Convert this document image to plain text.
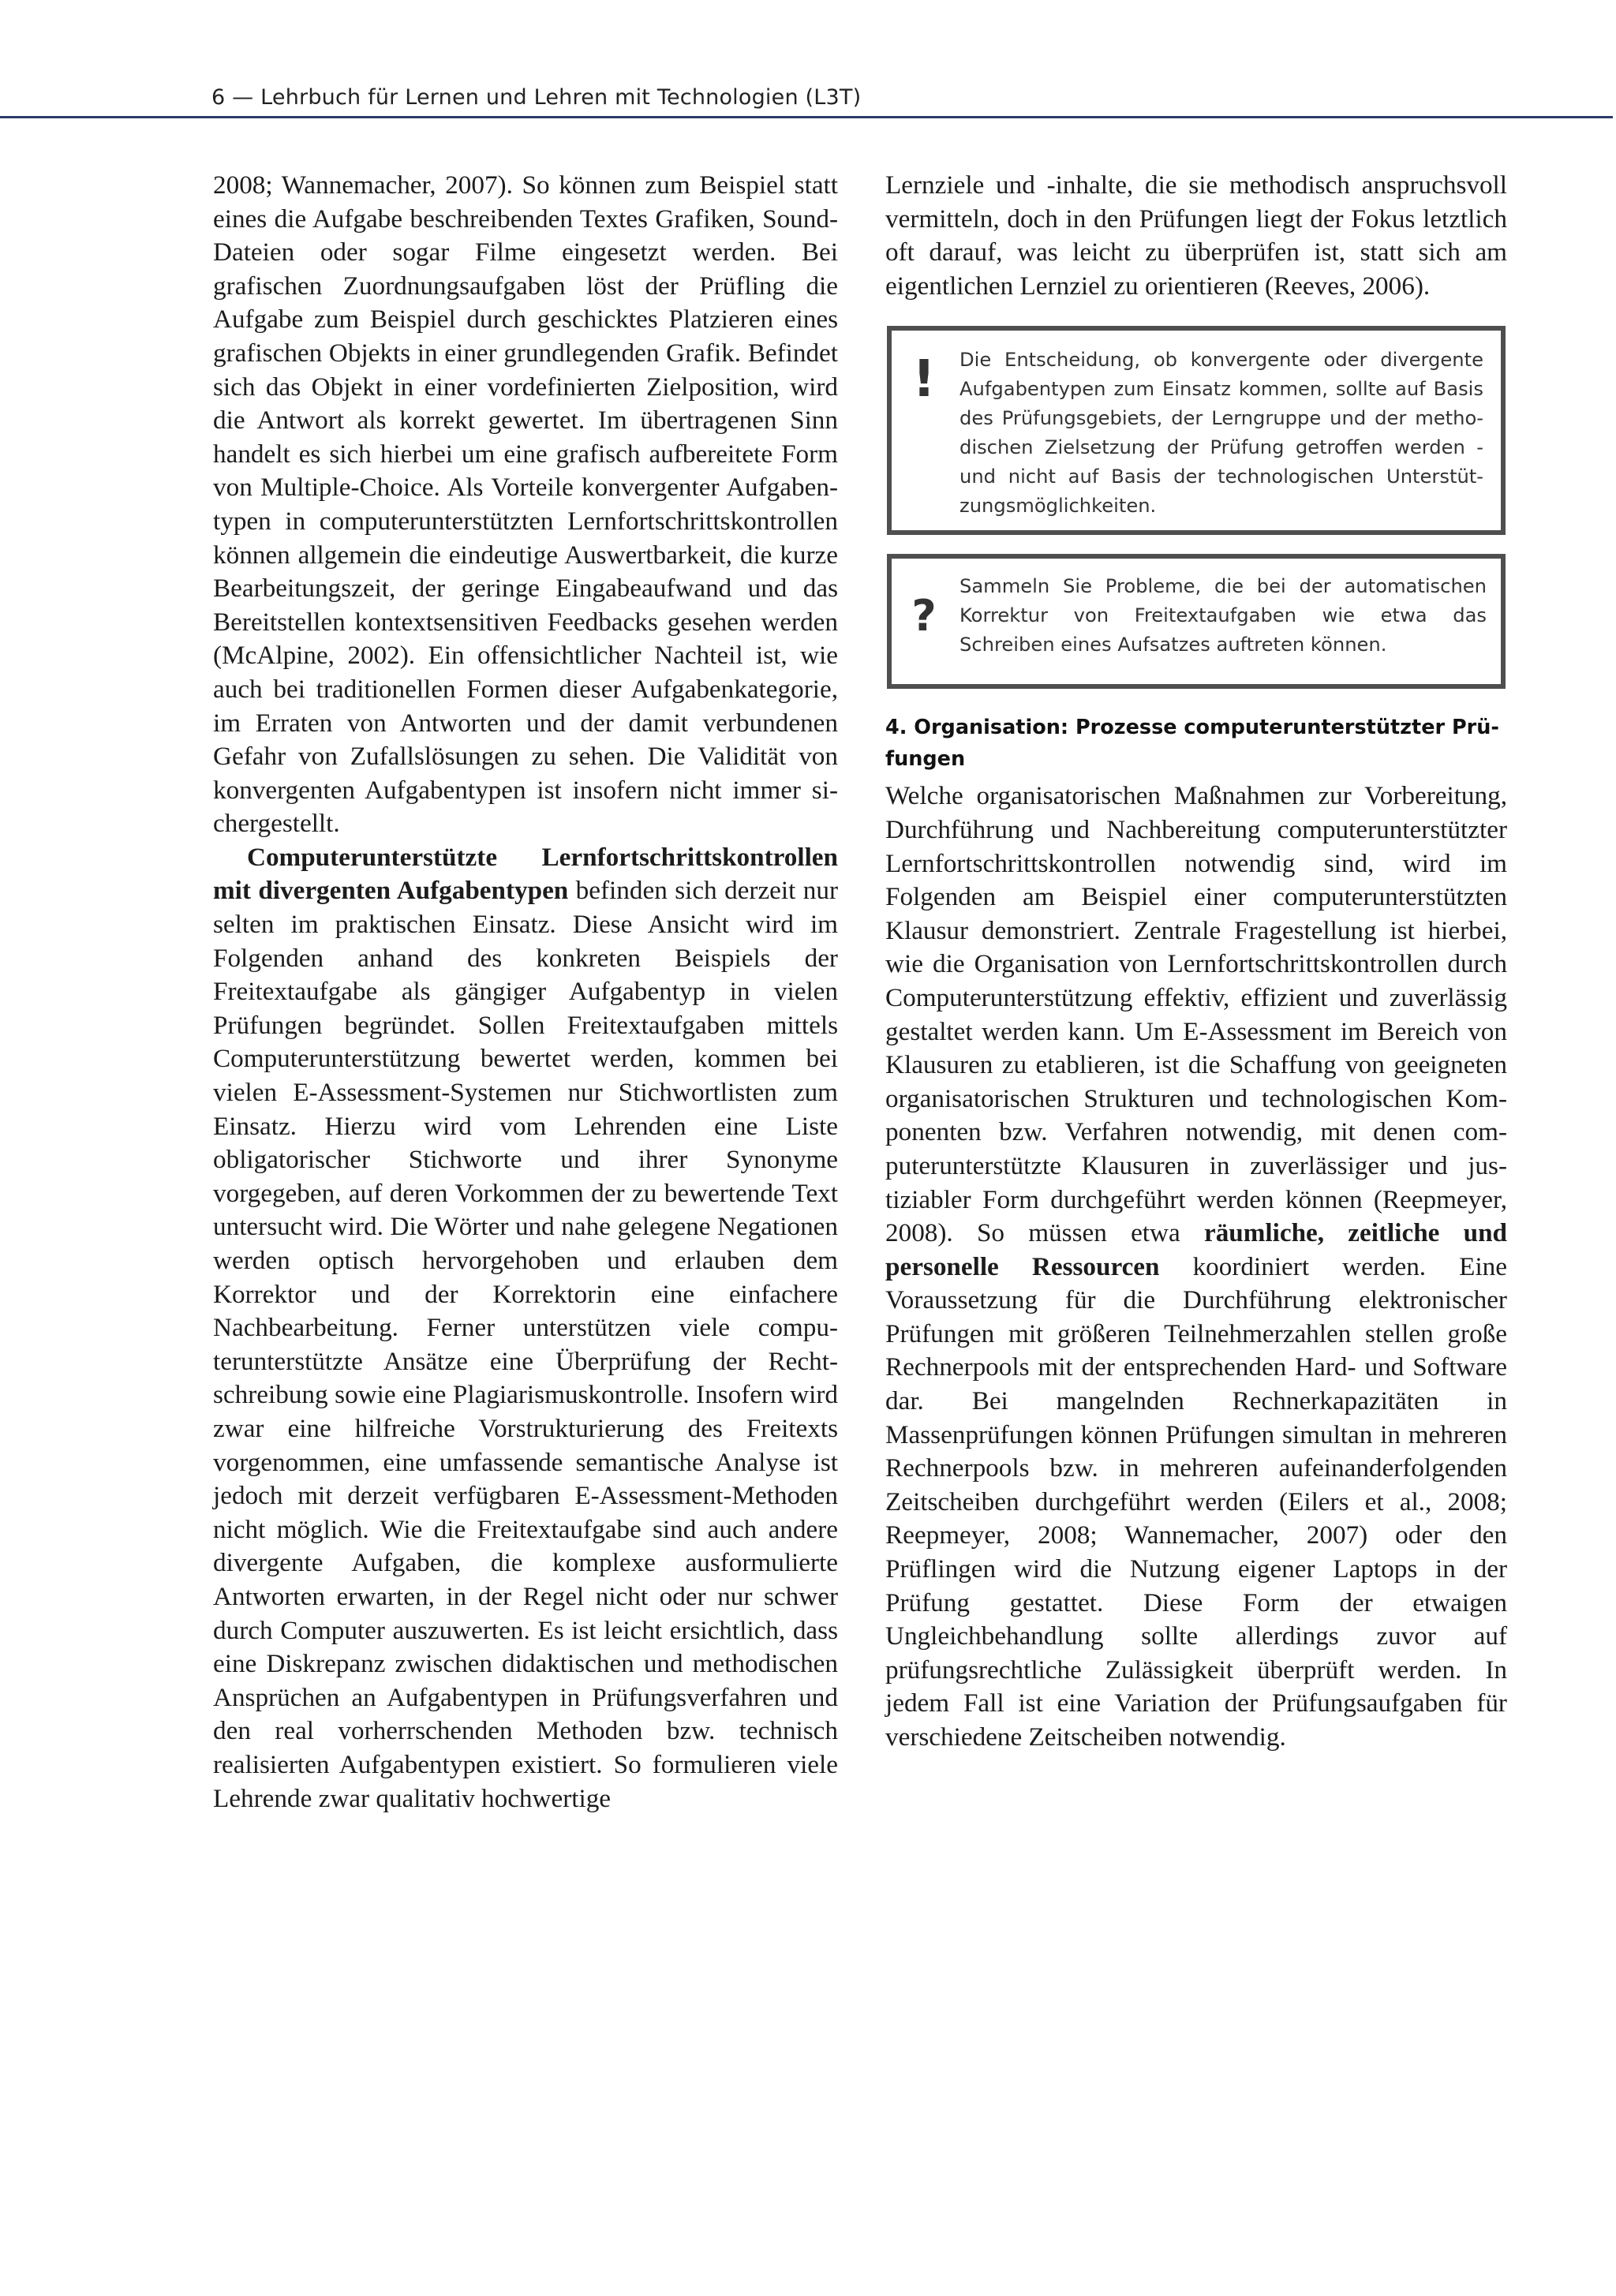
6 — Lehrbuch für Lernen und Lehren mit Technologien (L3T)

2008; Wannemacher, 2007). So können zum Beispiel statt eines die Aufgabe beschreibenden Textes Grafiken, Sound-Dateien oder sogar Filme eingesetzt werden. Bei grafischen Zuordnungsaufgaben löst der Prüfling die Aufgabe zum Beispiel durch geschicktes Platzieren eines grafischen Objekts in einer grundlegenden Grafik. Befindet sich das Objekt in einer vordefinierten Zielposition, wird die Antwort als korrekt gewertet. Im übertragenen Sinn handelt es sich hierbei um eine grafisch aufbereitete Form von Multiple-Choice. Als Vorteile konvergenter Aufgabentypen in computerunterstützten Lernfortschrittskontrollen können allgemein die eindeutige Auswertbarkeit, die kurze Bearbeitungszeit, der geringe Eingabeaufwand und das Bereitstellen kontextsensitiven Feedbacks gesehen werden (McAlpine, 2002). Ein offensichtlicher Nachteil ist, wie auch bei traditionellen Formen dieser Aufgabenkategorie, im Erraten von Antworten und der damit verbundenen Gefahr von Zufallslösungen zu sehen. Die Validität von konvergenten Aufgabentypen ist insofern nicht immer sichergestellt.

Computerunterstützte Lernfortschrittskontrollen mit divergenten Aufgabentypen befinden sich derzeit nur selten im praktischen Einsatz. Diese Ansicht wird im Folgenden anhand des konkreten Beispiels der Freitextaufgabe als gängiger Aufgabentyp in vielen Prüfungen begründet. Sollen Freitextaufgaben mittels Computerunterstützung bewertet werden, kommen bei vielen E-Assessment-Systemen nur Stichwortlisten zum Einsatz. Hierzu wird vom Lehrenden eine Liste obligatorischer Stichworte und ihrer Synonyme vorgegeben, auf deren Vorkommen der zu bewertende Text untersucht wird. Die Wörter und nahe gelegene Negationen werden optisch hervorgehoben und erlauben dem Korrektor und der Korrektorin eine einfachere Nachbearbeitung. Ferner unterstützen viele computerunterstützte Ansätze eine Überprüfung der Rechtschreibung sowie eine Plagiarismuskontrolle. Insofern wird zwar eine hilfreiche Vorstrukturierung des Freitexts vorgenommen, eine umfassende semantische Analyse ist jedoch mit derzeit verfügbaren E-Assessment-Methoden nicht möglich. Wie die Freitextaufgabe sind auch andere divergente Aufgaben, die komplexe ausformulierte Antworten erwarten, in der Regel nicht oder nur schwer durch Computer auszuwerten. Es ist leicht ersichtlich, dass eine Diskrepanz zwischen didaktischen und methodischen Ansprüchen an Aufgabentypen in Prüfungsverfahren und den real vorherrschenden Methoden bzw. technisch realisierten Aufgabentypen existiert. So formulieren viele Lehrende zwar qualitativ hochwertige

Lernziele und -inhalte, die sie methodisch anspruchsvoll vermitteln, doch in den Prüfungen liegt der Fokus letztlich oft darauf, was leicht zu überprüfen ist, statt sich am eigentlichen Lernziel zu orientieren (Reeves, 2006).

! Die Entscheidung, ob konvergente oder divergente Aufgabentypen zum Einsatz kommen, sollte auf Basis des Prüfungsgebiets, der Lerngruppe und der methodischen Zielsetzung der Prüfung getroffen werden - und nicht auf Basis der technologischen Unterstützungsmöglichkeiten.

?

Sammeln Sie Probleme, die bei der automatischen Korrektur von Freitextaufgaben wie etwa das Schreiben eines Aufsatzes auftreten können.

4. Organisation: Prozesse computerunterstützter Prüfungen

Welche organisatorischen Maßnahmen zur Vorbereitung, Durchführung und Nachbereitung computerunterstützter Lernfortschrittskontrollen notwendig sind, wird im Folgenden am Beispiel einer computerunterstützten Klausur demonstriert. Zentrale Fragestellung ist hierbei, wie die Organisation von Lernfortschrittskontrollen durch Computerunterstützung effektiv, effizient und zuverlässig gestaltet werden kann. Um E-Assessment im Bereich von Klausuren zu etablieren, ist die Schaffung von geeigneten organisatorischen Strukturen und technologischen Komponenten bzw. Verfahren notwendig, mit denen computerunterstützte Klausuren in zuverlässiger und justiziabler Form durchgeführt werden können (Reepmeyer, 2008). So müssen etwa räumliche, zeitliche und personelle Ressourcen koordiniert werden. Eine Voraussetzung für die Durchführung elektronischer Prüfungen mit größeren Teilnehmerzahlen stellen große Rechnerpools mit der entsprechenden Hard- und Software dar. Bei mangelnden Rechnerkapazitäten in Massenprüfungen können Prüfungen simultan in mehreren Rechnerpools bzw. in mehreren aufeinanderfolgenden Zeitscheiben durchgeführt werden (Eilers et al., 2008; Reepmeyer, 2008; Wannemacher, 2007) oder den Prüflingen wird die Nutzung eigener Laptops in der Prüfung gestattet. Diese Form der etwaigen Ungleichbehandlung sollte allerdings zuvor auf prüfungsrechtliche Zulässigkeit überprüft werden. In jedem Fall ist eine Variation der Prüfungsaufgaben für verschiedene Zeitscheiben notwendig.
